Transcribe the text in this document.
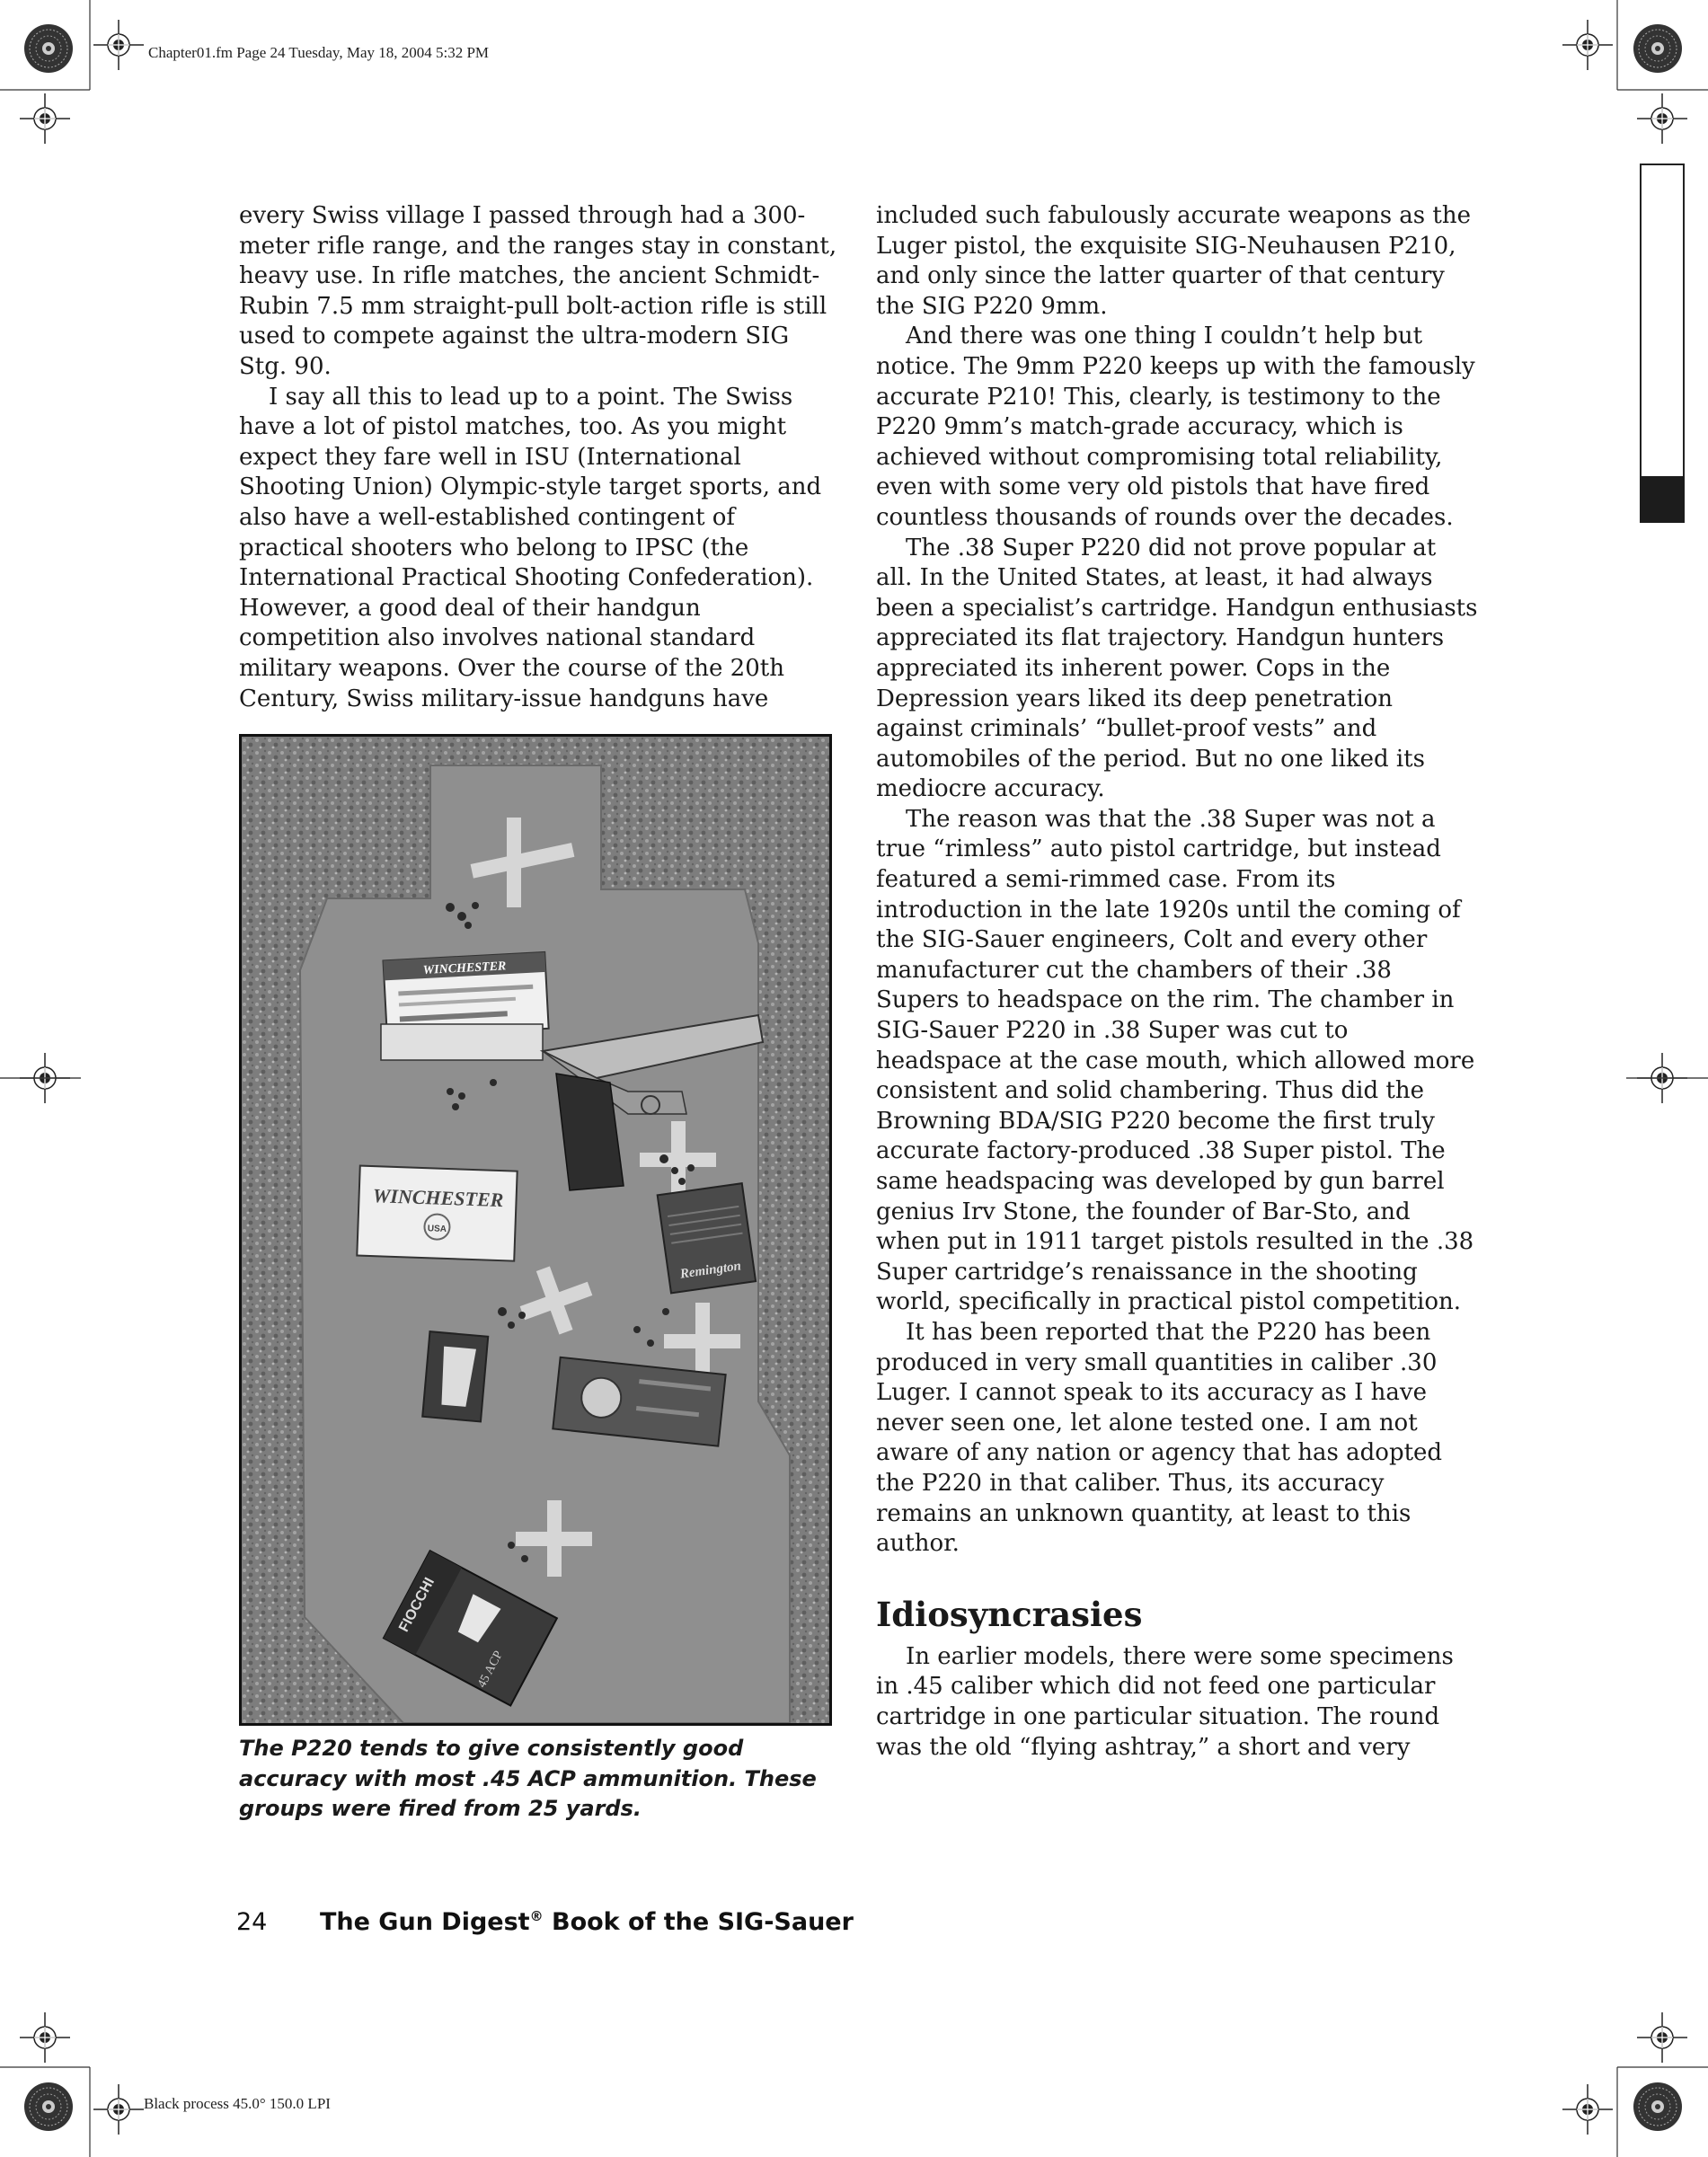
Chapter01.fm Page 24 Tuesday, May 18, 2004 5:32 PM
Black process 45.0° 150.0 LPI

every Swiss village I passed through had a 300-meter rifle range, and the ranges stay in constant, heavy use. In rifle matches, the ancient Schmidt-Rubin 7.5 mm straight-pull bolt-action rifle is still used to compete against the ultra-modern SIG Stg. 90.

I say all this to lead up to a point. The Swiss have a lot of pistol matches, too. As you might expect they fare well in ISU (International Shooting Union) Olympic-style target sports, and also have a well-established contingent of practical shooters who belong to IPSC (the International Practical Shooting Confederation). However, a good deal of their handgun competition also involves national standard military weapons. Over the course of the 20th Century, Swiss military-issue handguns have

WINCHESTER
WINCHESTER
USA
Remington
FIOCCHI
45 ACP
The P220 tends to give consistently good accuracy with most .45 ACP ammunition. These groups were fired from 25 yards.

included such fabulously accurate weapons as the Luger pistol, the exquisite SIG-Neuhausen P210, and only since the latter quarter of that century the SIG P220 9mm.

And there was one thing I couldn’t help but notice. The 9mm P220 keeps up with the famously accurate P210! This, clearly, is testimony to the P220 9mm’s match-grade accuracy, which is achieved without compromising total reliability, even with some very old pistols that have fired countless thousands of rounds over the decades.

The .38 Super P220 did not prove popular at all. In the United States, at least, it had always been a specialist’s cartridge. Handgun enthusiasts appreciated its flat trajectory. Handgun hunters appreciated its inherent power. Cops in the Depression years liked its deep penetration against criminals’ “bullet-proof vests” and automobiles of the period. But no one liked its mediocre accuracy.

The reason was that the .38 Super was not a true “rimless” auto pistol cartridge, but instead featured a semi-rimmed case. From its introduction in the late 1920s until the coming of the SIG-Sauer engineers, Colt and every other manufacturer cut the chambers of their .38 Supers to headspace on the rim. The chamber in SIG-Sauer P220 in .38 Super was cut to headspace at the case mouth, which allowed more consistent and solid chambering. Thus did the Browning BDA/SIG P220 become the first truly accurate factory-produced .38 Super pistol. The same headspacing was developed by gun barrel genius Irv Stone, the founder of Bar-Sto, and when put in 1911 target pistols resulted in the .38 Super cartridge’s renaissance in the shooting world, specifically in practical pistol competition.

It has been reported that the P220 has been produced in very small quantities in caliber .30 Luger. I cannot speak to its accuracy as I have never seen one, let alone tested one. I am not aware of any nation or agency that has adopted the P220 in that caliber. Thus, its accuracy remains an unknown quantity, at least to this author.

Idiosyncrasies

In earlier models, there were some specimens in .45 caliber which did not feed one particular cartridge in one particular situation. The round was the old “flying ashtray,” a short and very

24 The Gun Digest® Book of the SIG-Sauer
